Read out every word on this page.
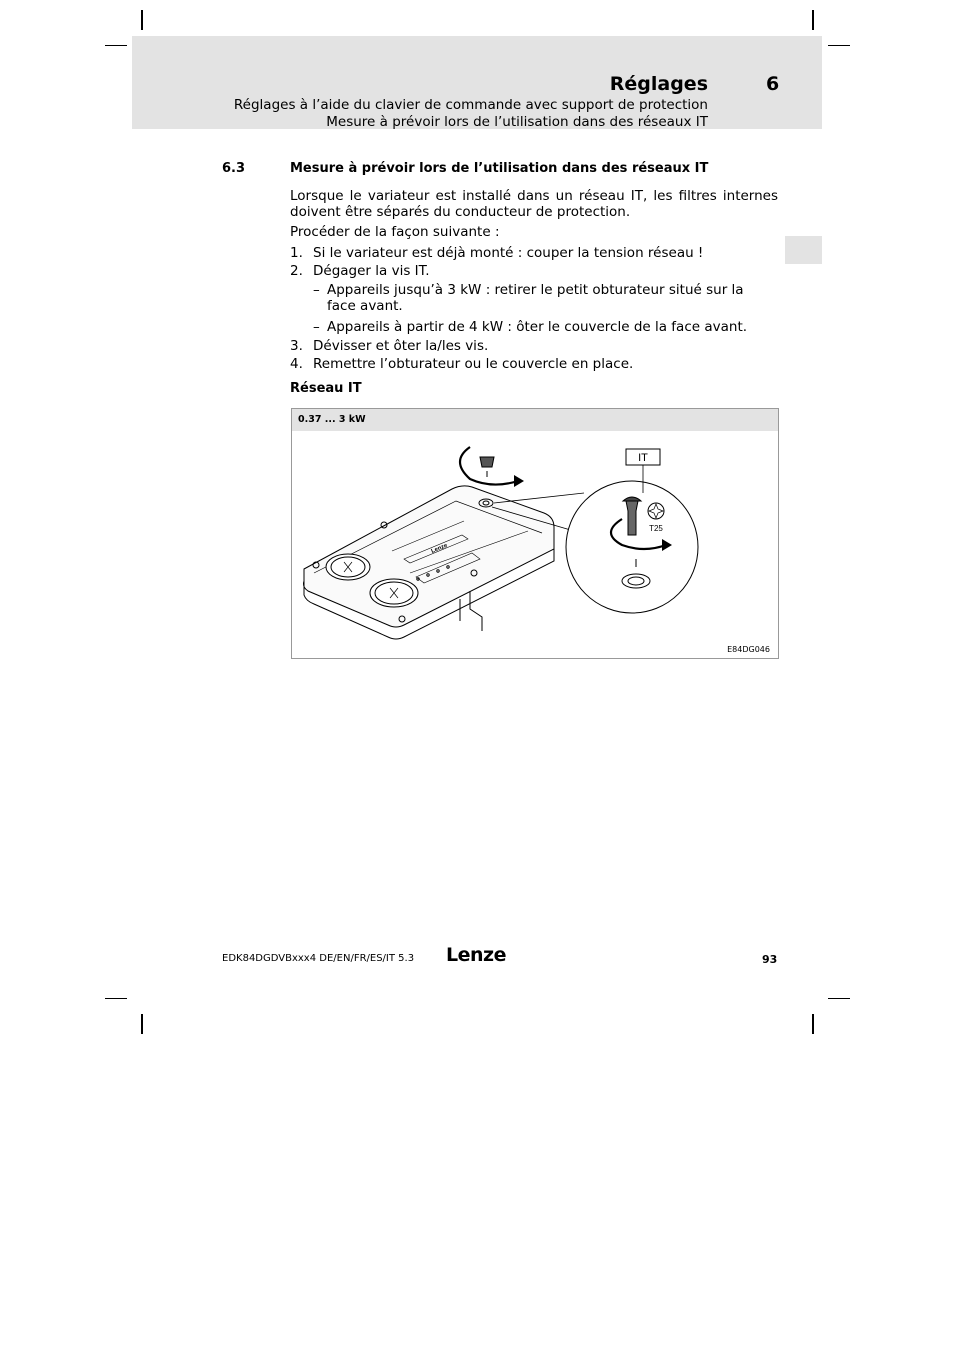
Réglages	6
Réglages à l’aide du clavier de commande avec support de protection
Mesure à prévoir lors de l’utilisation dans des réseaux IT
6.3	Mesure à prévoir lors de l’utilisation dans des réseaux IT
Lorsque le variateur est installé dans un réseau IT, les filtres internes doivent être séparés du conducteur de protection.
Procéder de la façon suivante :
1. Si le variateur est déjà monté : couper la tension réseau !
2. Dégager la vis IT.
– Appareils jusqu’à 3 kW : retirer le petit obturateur situé sur la face avant.
– Appareils à partir de 4 kW : ôter le couvercle de la face avant.
3. Dévisser et ôter la/les vis.
4. Remettre l’obturateur ou le couvercle en place.
Réseau IT
0.37 ... 3 kW
IT
T25
Lenze
E84DG046
EDK84DGDVBxxx4 DE/EN/FR/ES/IT 5.3 Lenze	93
